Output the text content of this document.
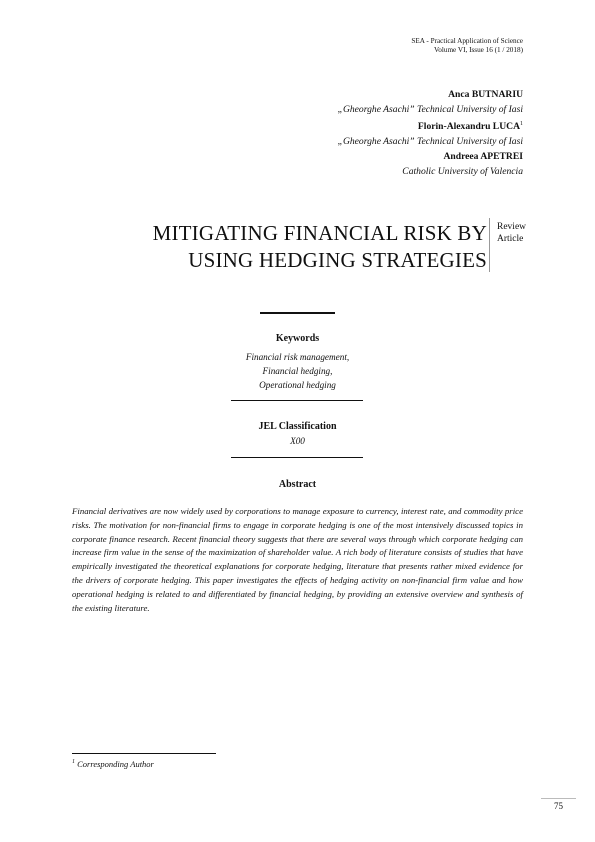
SEA - Practical Application of Science
Volume VI, Issue 16 (1 / 2018)
Anca BUTNARIU
„Gheorghe Asachi” Technical University of Iasi
Florin-Alexandru LUCA$^1$
„Gheorghe Asachi” Technical University of Iasi
Andreea APETREI
Catholic University of Valencia
MITIGATING FINANCIAL RISK BY
USING HEDGING STRATEGIES
Review
Article
Keywords
Financial risk management,
Financial hedging,
Operational hedging
JEL Classification
X00
Abstract
Financial derivatives are now widely used by corporations to manage exposure to currency, interest rate, and commodity price risks. The motivation for non-financial firms to engage in corporate hedging is one of the most intensively discussed topics in corporate finance research. Recent financial theory suggests that there are several ways through which corporate hedging can increase firm value in the sense of the maximization of shareholder value. A rich body of literature consists of studies that have empirically investigated the theoretical explanations for corporate hedging, literature that presents rather mixed evidence for the drivers of corporate hedging. This paper investigates the effects of hedging activity on non-financial firm value and how operational hedging is related to and differentiated by financial hedging, by providing an extensive overview and synthesis of the existing literature.
$^1$ Corresponding Author
75
